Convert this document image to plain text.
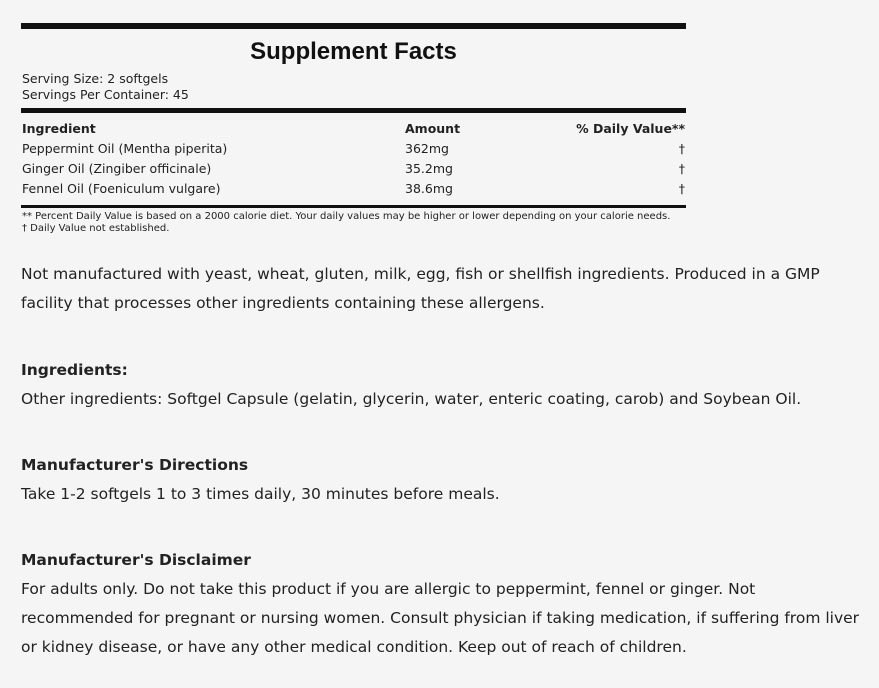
Supplement Facts
Serving Size: 2 softgels
Servings Per Container: 45
Ingredient	Amount	% Daily Value**
Peppermint Oil (Mentha piperita)	362mg	†
Ginger Oil (Zingiber officinale)	35.2mg	†
Fennel Oil (Foeniculum vulgare)	38.6mg	†
** Percent Daily Value is based on a 2000 calorie diet. Your daily values may be higher or lower depending on your calorie needs.
† Daily Value not established.
Not manufactured with yeast, wheat, gluten, milk, egg, fish or shellfish ingredients. Produced in a GMP facility that processes other ingredients containing these allergens.
Ingredients:
Other ingredients: Softgel Capsule (gelatin, glycerin, water, enteric coating, carob) and Soybean Oil.
Manufacturer's Directions
Take 1-2 softgels 1 to 3 times daily, 30 minutes before meals.
Manufacturer's Disclaimer
For adults only. Do not take this product if you are allergic to peppermint, fennel or ginger. Not recommended for pregnant or nursing women. Consult physician if taking medication, if suffering from liver or kidney disease, or have any other medical condition. Keep out of reach of children.
